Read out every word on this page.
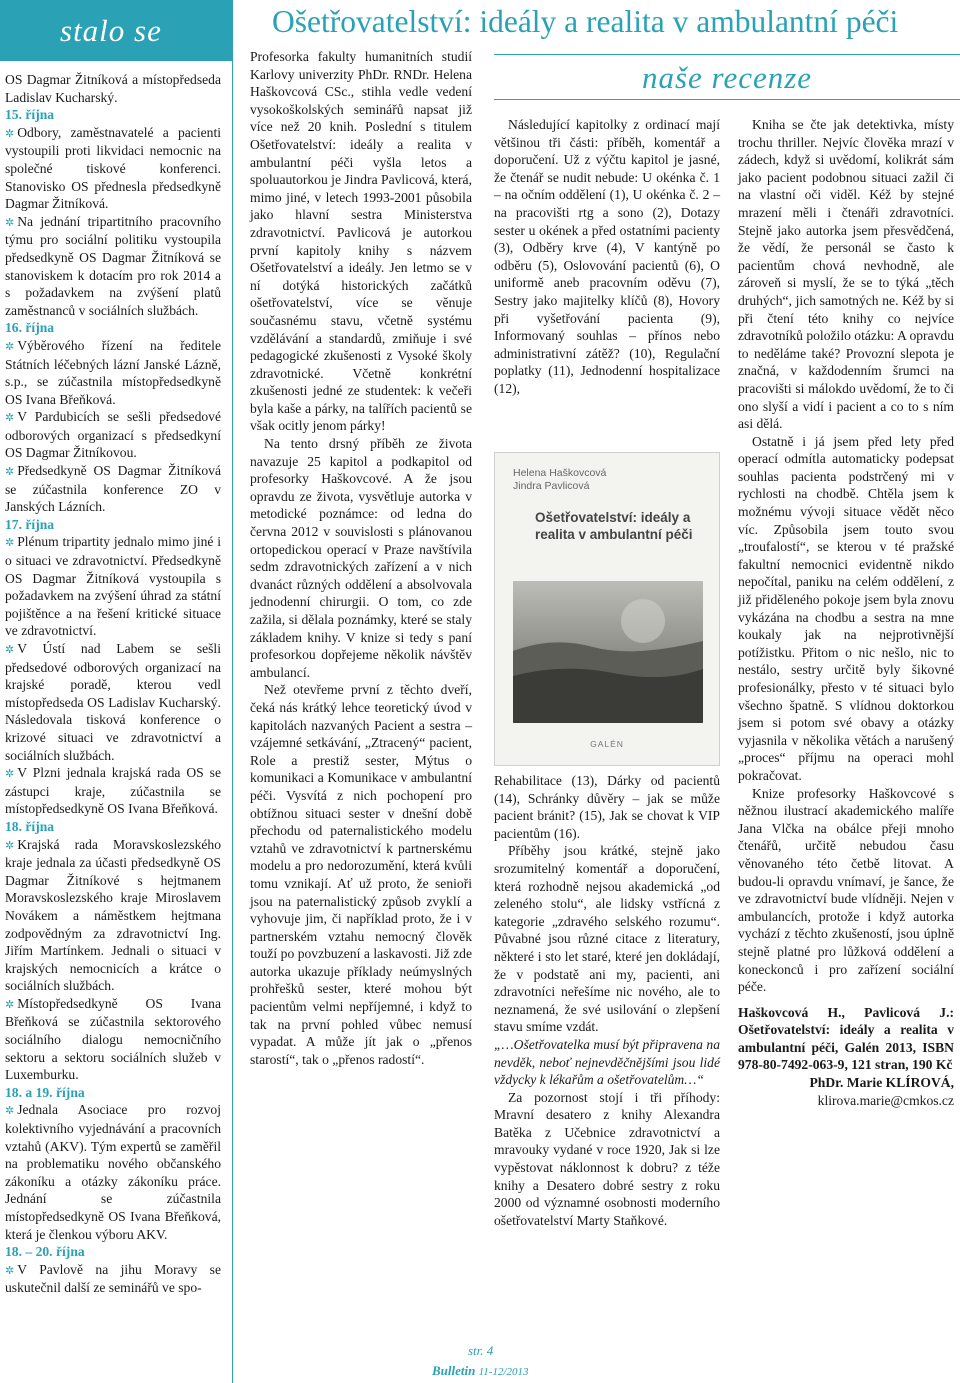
stalo se

OS Dagmar Žitníková a místopředseda Ladislav Kucharský.

15. října

✲ Odbory, zaměstnavatelé a pacienti vystoupili proti likvidaci nemocnic na společné tiskové konferenci. Stanovisko OS přednesla předsedkyně Dagmar Žitníková.

✲ Na jednání tripartitního pracovního týmu pro sociální politiku vystoupila předsedkyně OS Dagmar Žitníková se stanoviskem k dotacím pro rok 2014 a s požadavkem na zvýšení platů zaměstnanců v sociálních službách.

16. října

✲ Výběrového řízení na ředitele Státních léčebných lázní Janské Lázně, s.p., se zúčastnila místopředsedkyně OS Ivana Břeňková.

✲ V Pardubicích se sešli předsedové odborových organizací s předsedkyní OS Dagmar Žitníkovou.

✲ Předsedkyně OS Dagmar Žitníková se zúčastnila konference ZO v Janských Lázních.

17. října

✲ Plénum tripartity jednalo mimo jiné i o situaci ve zdravotnictví. Předsedkyně OS Dagmar Žitníková vystoupila s požadavkem na zvýšení úhrad za státní pojištěnce a na řešení kritické situace ve zdravotnictví.

✲ V Ústí nad Labem se sešli předsedové odborových organizací na krajské poradě, kterou vedl místopředseda OS Ladislav Kucharský. Následovala tisková konference o krizové situaci ve zdravotnictví a sociálních službách.

✲ V Plzni jednala krajská rada OS se zástupci kraje, zúčastnila se místopředsedkyně OS Ivana Břeňková.

18. října

✲ Krajská rada Moravskoslezského kraje jednala za účasti předsedkyně OS Dagmar Žitníkové s hejtmanem Moravskoslezského kraje Miroslavem Novákem a náměstkem hejtmana zodpovědným za zdravotnictví Ing. Jiřím Martínkem. Jednali o situaci v krajských nemocnicích a krátce o sociálních službách.

✲ Místopředsedkyně OS Ivana Břeňková se zúčastnila sektorového sociálního dialogu nemocničního sektoru a sektoru sociálních služeb v Luxemburku.

18. a 19. října

✲ Jednala Asociace pro rozvoj kolektivního vyjednávání a pracovních vztahů (AKV). Tým expertů se zaměřil na problematiku nového občanského zákoníku a otázky zákoníku práce. Jednání se zúčastnila místopředsedkyně OS Ivana Břeňková, která je členkou výboru AKV.

18. – 20. října

✲ V Pavlově na jihu Moravy se uskutečnil další ze seminářů ve spo-

Ošetřovatelství: ideály a realita v ambulantní péči

Profesorka fakulty humanitních studií Karlovy univerzity PhDr. RNDr. Helena Haškovcová CSc., stihla vedle vedení vysokoškolských seminářů napsat již více než 20 knih. Poslední s titulem Ošetřovatelství: ideály a realita v ambulantní péči vyšla letos a spoluautorkou je Jindra Pavlicová, která, mimo jiné, v letech 1993-2001 působila jako hlavní sestra Ministerstva zdravotnictví. Pavlicová je autorkou první kapitoly knihy s názvem Ošetřovatelství a ideály. Jen letmo se v ní dotýká historických začátků ošetřovatelství, více se věnuje současnému stavu, včetně systému vzdělávání a standardů, zmiňuje i své pedagogické zkušenosti z Vysoké školy zdravotnické. Včetně konkrétní zkušenosti jedné ze studentek: k večeři byla kaše a párky, na talířích pacientů se však ocitly jenom párky!

Na tento drsný příběh ze života navazuje 25 kapitol a podkapitol od profesorky Haškovcové. A že jsou opravdu ze života, vysvětluje autorka v metodické poznámce: od ledna do června 2012 v souvislosti s plánovanou ortopedickou operací v Praze navštívila sedm zdravotnických zařízení a v nich dvanáct různých oddělení a absolvovala jednodenní chirurgii. O tom, co zde zažila, si dělala poznámky, které se staly základem knihy. V knize si tedy s paní profesorkou dopřejeme několik návštěv ambulancí.

Než otevřeme první z těchto dveří, čeká nás krátký lehce teoretický úvod v kapitolách nazvaných Pacient a sestra – vzájemné setkávání, „Ztracený“ pacient, Role a prestiž sester, Mýtus o komunikaci a Komunikace v ambulantní péči. Vysvítá z nich pochopení pro obtížnou situaci sester v dnešní době přechodu od paternalistického modelu vztahů ve zdravotnictví k partnerskému modelu a pro nedorozumění, která kvůli tomu vznikají. Ať už proto, že senioři jsou na paternalistický způsob zvyklí a vyhovuje jim, či například proto, že i v partnerském vztahu nemocný člověk touží po povzbuzení a laskavosti. Již zde autorka ukazuje příklady neúmyslných prohřešků sester, které mohou být pacientům velmi nepříjemné, i když to tak na první pohled vůbec nemusí vypadat. A může jít jak o „přenos starostí“, tak o „přenos radostí“.

naše recenze

Následující kapitolky z ordinací mají většinou tři části: příběh, komentář a doporučení. Už z výčtu kapitol je jasné, že čtenář se nudit nebude: U okénka č. 1 – na očním oddělení (1), U okénka č. 2 – na pracovišti rtg a sono (2), Dotazy sester u okének a před ostatními pacienty (3), Odběry krve (4), V kantýně po odběru (5), Oslovování pacientů (6), O uniformě aneb pracovním oděvu (7), Sestry jako majitelky klíčů (8), Hovory při vyšetřování pacienta (9), Informovaný souhlas – přínos nebo administrativní zátěž? (10), Regulační poplatky (11), Jednodenní hospitalizace (12),

Helena Haškovcová
Jindra Pavlicová
Ošetřovatelství: ideály a realita v ambulantní péči
GALÉN

Rehabilitace (13), Dárky od pacientů (14), Schránky důvěry – jak se může pacient bránit? (15), Jak se chovat k VIP pacientům (16).

Příběhy jsou krátké, stejně jako srozumitelný komentář a doporučení, která rozhodně nejsou akademická „od zeleného stolu“, ale lidsky vstřícná z kategorie „zdravého selského rozumu“. Půvabné jsou různé citace z literatury, některé i sto let staré, které jen dokládají, že v podstatě ani my, pacienti, ani zdravotníci neřešíme nic nového, ale to neznamená, že své usilování o zlepšení stavu smíme vzdát.

„…Ošetřovatelka musí být připravena na nevděk, neboť nejnevděčnějšími jsou lidé vždycky k lékařům a ošetřovatelům…“

Za pozornost stojí i tři příhody: Mravní desatero z knihy Alexandra Batěka z Učebnice zdravotnictví a mravouky vydané v roce 1920, Jak si lze vypěstovat náklonnost k dobru? z téže knihy a Desatero dobré sestry z roku 2000 od významné osobnosti moderního ošetřovatelství Marty Staňkové.

Kniha se čte jak detektivka, místy trochu thriller. Nejvíc člověka mrazí v zádech, když si uvědomí, kolikrát sám jako pacient podobnou situaci zažil či na vlastní oči viděl. Kéž by stejné mrazení měli i čtenáři zdravotníci. Stejně jako autorka jsem přesvědčená, že vědí, že personál se často k pacientům chová nevhodně, ale zároveň si myslí, že se to týká „těch druhých“, jich samotných ne. Kéž by si při čtení této knihy co nejvíce zdravotníků položilo otázku: A opravdu to neděláme také? Provozní slepota je značná, v každodenním šrumci na pracovišti si málokdo uvědomí, že to či ono slyší a vidí i pacient a co to s ním asi dělá.

Ostatně i já jsem před lety před operací odmítla automaticky podepsat souhlas pacienta podstrčený mi v rychlosti na chodbě. Chtěla jsem k možnému vývoji situace vědět něco víc. Způsobila jsem touto svou „troufalostí“, se kterou v té pražské fakultní nemocnici evidentně nikdo nepočítal, paniku na celém oddělení, z již přiděleného pokoje jsem byla znovu vykázána na chodbu a sestra na mne koukaly jak na nejprotivnější potížistku. Přitom o nic nešlo, nic to nestálo, sestry určitě byly šikovné profesionálky, přesto v té situaci bylo všechno špatně. S vlídnou doktorkou jsem si potom své obavy a otázky vyjasnila v několika větách a narušený „proces“ příjmu na operaci mohl pokračovat.

Knize profesorky Haškovcové s něžnou ilustrací akademického malíře Jana Vlčka na obálce přeji mnoho čtenářů, určitě nebudou času věnovaného této četbě litovat. A budou-li opravdu vnímaví, je šance, že ve zdravotnictví bude vlídněji. Nejen v ambulancích, protože i když autorka vychází z těchto zkušeností, jsou úplně stejně platné pro lůžková oddělení a koneckonců i pro zařízení sociální péče.

Haškovcová H., Pavlicová J.: Ošetřovatelství: ideály a realita v ambulantní péči, Galén 2013, ISBN 978-80-7492-063-9, 121 stran, 190 Kč

PhDr. Marie KLÍROVÁ,

klirova.marie@cmkos.cz

str. 4
Bulletin 11-12/2013
